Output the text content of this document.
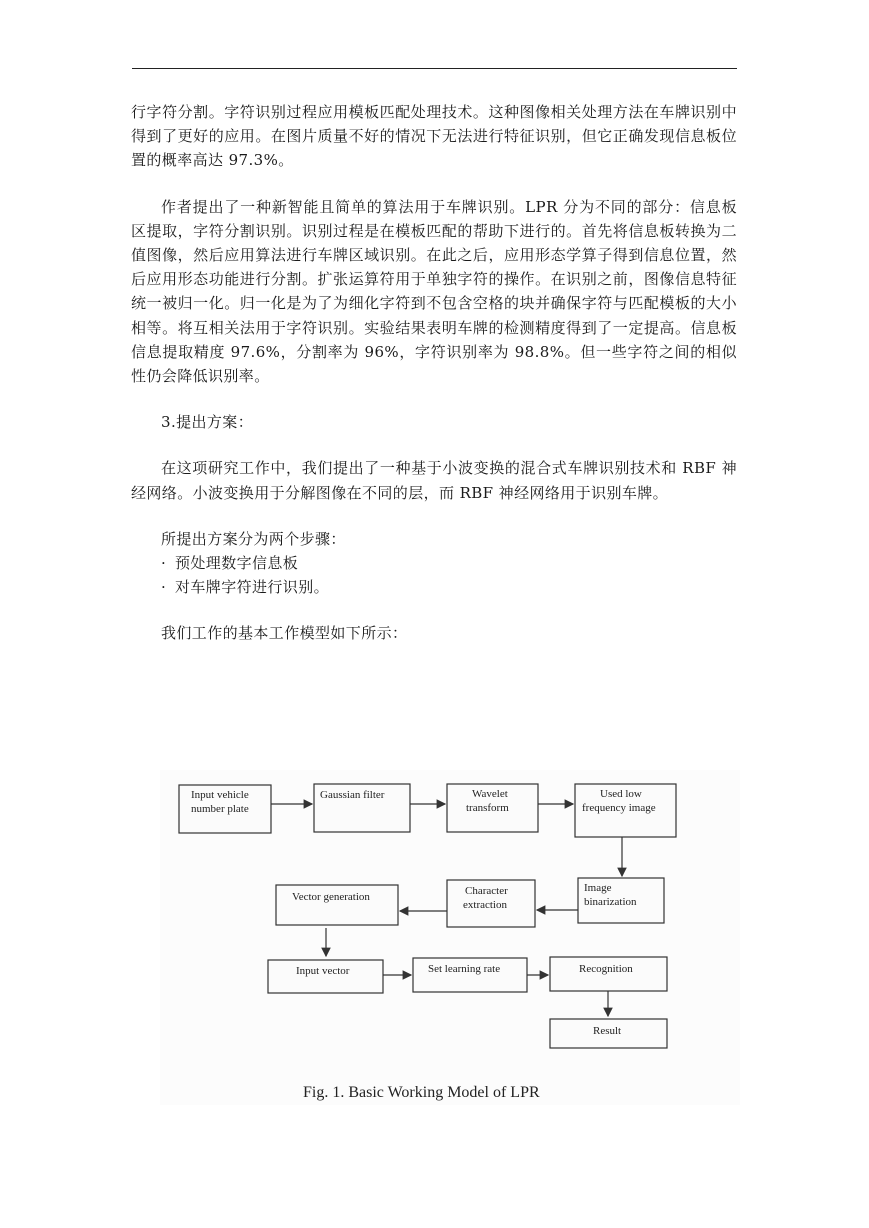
行字符分割。字符识别过程应用模板匹配处理技术。这种图像相关处理方法在车牌识别中得到了更好的应用。在图片质量不好的情况下无法进行特征识别，但它正确发现信息板位置的概率高达 97.3%。

作者提出了一种新智能且简单的算法用于车牌识别。LPR 分为不同的部分：信息板区提取，字符分割识别。识别过程是在模板匹配的帮助下进行的。首先将信息板转换为二值图像，然后应用算法进行车牌区域识别。在此之后，应用形态学算子得到信息位置，然后应用形态功能进行分割。扩张运算符用于单独字符的操作。在识别之前，图像信息特征统一被归一化。归一化是为了为细化字符到不包含空格的块并确保字符与匹配模板的大小相等。将互相关法用于字符识别。实验结果表明车牌的检测精度得到了一定提高。信息板信息提取精度 97.6%，分割率为 96%，字符识别率为 98.8%。但一些字符之间的相似性仍会降低识别率。

3.提出方案：

在这项研究工作中，我们提出了一种基于小波变换的混合式车牌识别技术和 RBF 神经网络。小波变换用于分解图像在不同的层，而 RBF 神经网络用于识别车牌。

所提出方案分为两个步骤：

· 预处理数字信息板

· 对车牌字符进行识别。

我们工作的基本工作模型如下所示：

Input vehicle
number plate
Gaussian filter	Wavelet
transform
Used low
frequency image
Image
binarization
Character
extraction
Vector generation
Input vector	Set learning rate	Recognition
Result
Fig. 1. Basic Working Model of LPR
